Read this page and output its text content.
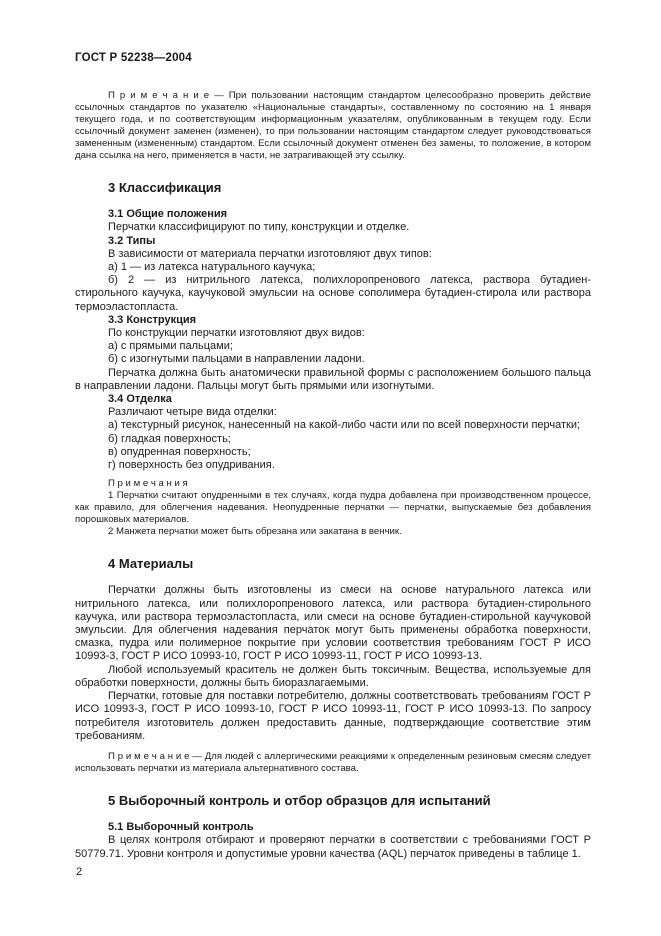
ГОСТ Р 52238—2004
П р и м е ч а н и е — При пользовании настоящим стандартом целесообразно проверить действие ссылочных стандартов по указателю «Национальные стандарты», составленному по состоянию на 1 января текущего года, и по соответствующим информационным указателям, опубликованным в текущем году. Если ссылочный документ заменен (изменен), то при пользовании настоящим стандартом следует руководствоваться замененным (измененным) стандартом. Если ссылочный документ отменен без замены, то положение, в котором дана ссылка на него, применяется в части, не затрагивающей эту ссылку.
3 Классификация
3.1 Общие положения
Перчатки классифицируют по типу, конструкции и отделке.
3.2 Типы
В зависимости от материала перчатки изготовляют двух типов:
а) 1 — из латекса натурального каучука;
б) 2 — из нитрильного латекса, полихлоропренового латекса, раствора бутадиен-стирольного каучука, каучуковой эмульсии на основе сополимера бутадиен-стирола или раствора термоэластопласта.
3.3 Конструкция
По конструкции перчатки изготовляют двух видов:
а) с прямыми пальцами;
б) с изогнутыми пальцами в направлении ладони.
Перчатка должна быть анатомически правильной формы с расположением большого пальца в направлении ладони. Пальцы могут быть прямыми или изогнутыми.
3.4 Отделка
Различают четыре вида отделки:
а) текстурный рисунок, нанесенный на какой-либо части или по всей поверхности перчатки;
б) гладкая поверхность;
в) опудренная поверхность;
г) поверхность без опудривания.
П р и м е ч а н и я
1 Перчатки считают опудренными в тех случаях, когда пудра добавлена при производственном процессе, как правило, для облегчения надевания. Неопудренные перчатки — перчатки, выпускаемые без добавления порошковых материалов.
2 Манжета перчатки может быть обрезана или закатана в венчик.
4 Материалы
Перчатки должны быть изготовлены из смеси на основе натурального латекса или нитрильного латекса, или полихлоропренового латекса, или раствора бутадиен-стирольного каучука, или раствора термоэластопласта, или смеси на основе бутадиен-стирольной каучуковой эмульсии. Для облегчения надевания перчаток могут быть применены обработка поверхности, смазка, пудра или полимерное покрытие при условии соответствия требованиям ГОСТ Р ИСО 10993-3, ГОСТ Р ИСО 10993-10, ГОСТ Р ИСО 10993-11, ГОСТ Р ИСО 10993-13.
Любой используемый краситель не должен быть токсичным. Вещества, используемые для обработки поверхности, должны быть биоразлагаемыми.
Перчатки, готовые для поставки потребителю, должны соответствовать требованиям ГОСТ Р ИСО 10993-3, ГОСТ Р ИСО 10993-10, ГОСТ Р ИСО 10993-11, ГОСТ Р ИСО 10993-13. По запросу потребителя изготовитель должен предоставить данные, подтверждающие соответствие этим требованиям.
П р и м е ч а н и е — Для людей с аллергическими реакциями к определенным резиновым смесям следует использовать перчатки из материала альтернативного состава.
5 Выборочный контроль и отбор образцов для испытаний
5.1 Выборочный контроль
В целях контроля отбирают и проверяют перчатки в соответствии с требованиями ГОСТ Р 50779.71. Уровни контроля и допустимые уровни качества (AQL) перчаток приведены в таблице 1.
2
